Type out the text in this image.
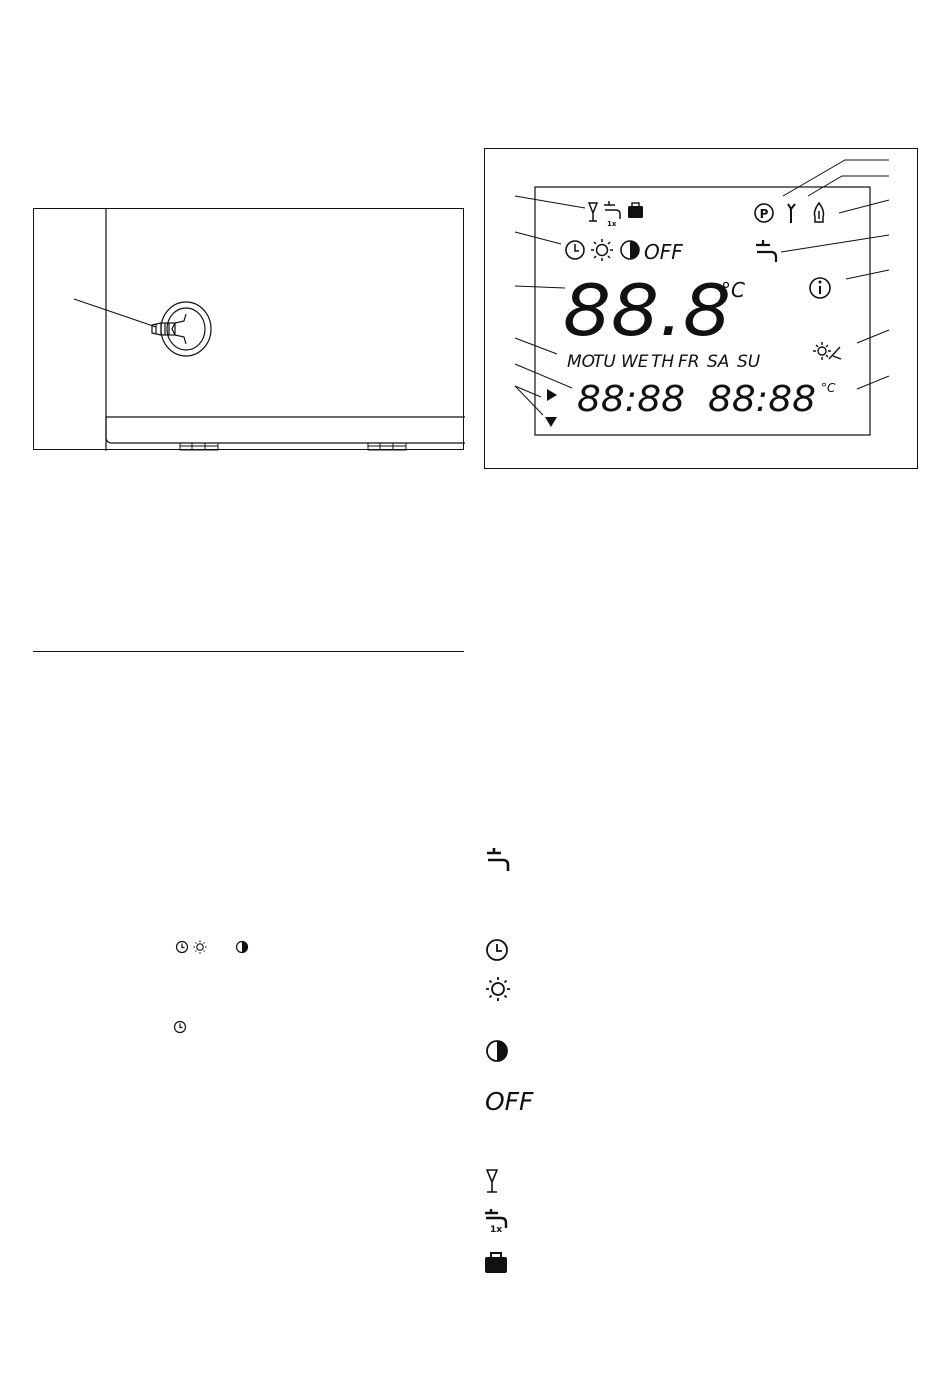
1x
P
OFF
88.8
°C
MO
TU WE TH FR SA SU
88:88 88:88 °C
OFF
1x
